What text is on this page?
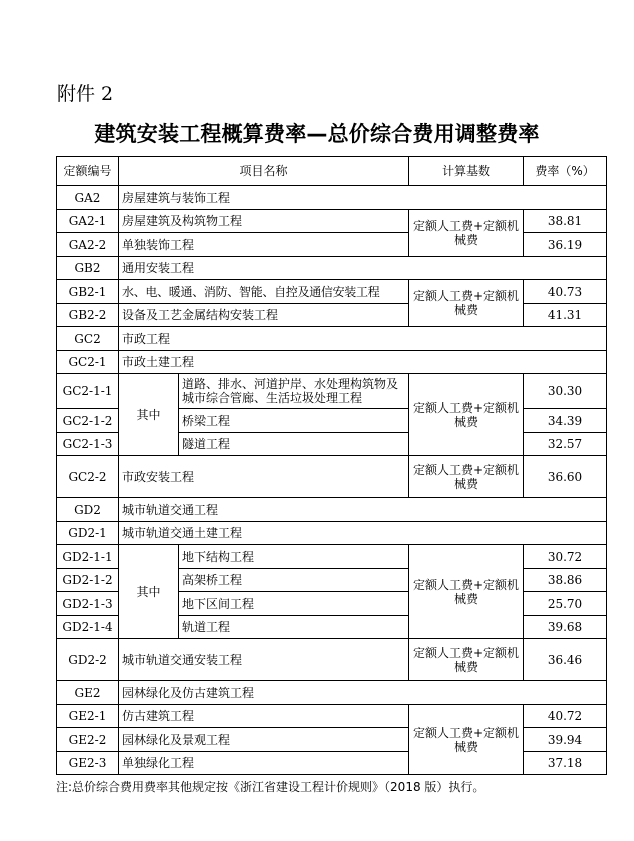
附件 2
建筑安装工程概算费率—总价综合费用调整费率
定额编号	项目名称		计算基数	费率（%）
GA2	房屋建筑与装饰工程			
GA2-1	房屋建筑及构筑物工程		定额人工费+定额机械费	38.81
GA2-2	单独装饰工程			36.19
GB2	通用安装工程			
GB2-1	水、电、暖通、消防、智能、自控及通信安装工程		定额人工费+定额机械费	40.73
GB2-2	设备及工艺金属结构安装工程			41.31
GC2	市政工程			
GC2-1	市政土建工程			
GC2-1-1	其中	道路、排水、河道护岸、水处理构筑物及城市综合管廊、生活垃圾处理工程	定额人工费+定额机械费	30.30
GC2-1-2		桥梁工程		34.39
GC2-1-3		隧道工程		32.57
GC2-2	市政安装工程		定额人工费+定额机械费	36.60
GD2	城市轨道交通工程			
GD2-1	城市轨道交通土建工程			
GD2-1-1	其中	地下结构工程	定额人工费+定额机械费	30.72
GD2-1-2		高架桥工程		38.86
GD2-1-3		地下区间工程		25.70
GD2-1-4		轨道工程		39.68
GD2-2	城市轨道交通安装工程		定额人工费+定额机械费	36.46
GE2	园林绿化及仿古建筑工程			
GE2-1	仿古建筑工程		定额人工费+定额机械费	40.72
GE2-2	园林绿化及景观工程			39.94
GE2-3	单独绿化工程			37.18
注:总价综合费用费率其他规定按《浙江省建设工程计价规则》（2018 版）执行。
